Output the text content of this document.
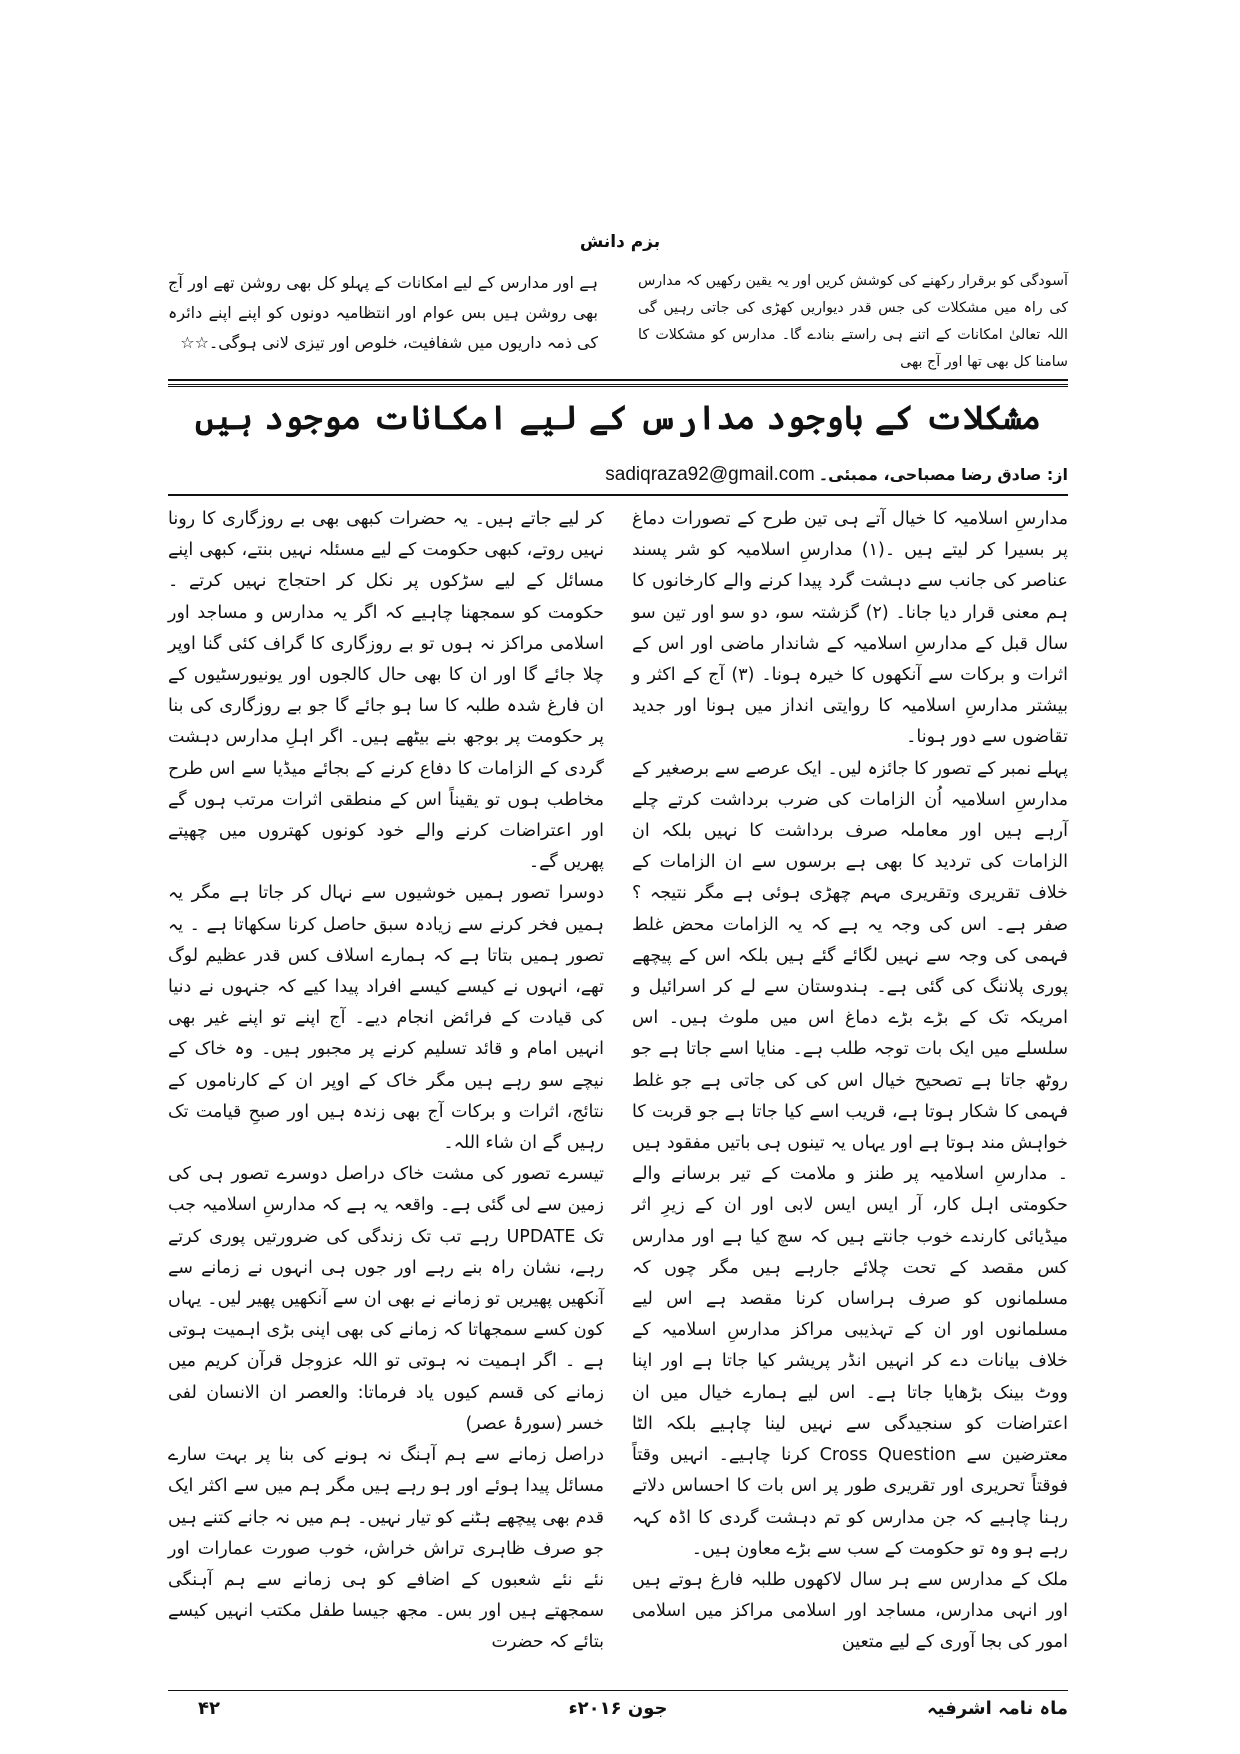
بزم دانش

آسودگی کو برقرار رکھنے کی کوشش کریں اور یہ یقین رکھیں کہ مدارس کی راہ میں مشکلات کی جس قدر دیواریں کھڑی کی جاتی رہیں گی اللہ تعالیٰ امکانات کے اتنے ہی راستے بنادے گا۔ مدارس کو مشکلات کا سامنا کل بھی تھا اور آج بھی

ہے اور مدارس کے لیے امکانات کے پہلو کل بھی روشن تھے اور آج بھی روشن ہیں بس عوام اور انتظامیہ دونوں کو اپنے اپنے دائرہ کی ذمہ داریوں میں شفافیت، خلوص اور تیزی لانی ہوگی۔☆☆

مشکلات کے باوجود مدارس کے لیے امکانات موجود ہیں
از: صادق رضا مصباحی، ممبئی۔sadiqraza92@gmail.com

مدارسِ اسلامیہ کا خیال آتے ہی تین طرح کے تصورات دماغ پر بسیرا کر لیتے ہیں ۔(۱) مدارسِ اسلامیہ کو شر پسند عناصر کی جانب سے دہشت گرد پیدا کرنے والے کارخانوں کا ہم معنی قرار دیا جانا۔ (۲) گزشتہ سو، دو سو اور تین سو سال قبل کے مدارسِ اسلامیہ کے شاندار ماضی اور اس کے اثرات و برکات سے آنکھوں کا خیرہ ہونا۔ (۳) آج کے اکثر و بیشتر مدارسِ اسلامیہ کا روایتی انداز میں ہونا اور جدید تقاضوں سے دور ہونا۔

پہلے نمبر کے تصور کا جائزہ لیں۔ ایک عرصے سے برصغیر کے مدارسِ اسلامیہ اُن الزامات کی ضرب برداشت کرتے چلے آرہے ہیں اور معاملہ صرف برداشت کا نہیں بلکہ ان الزامات کی تردید کا بھی ہے برسوں سے ان الزامات کے خلاف تقریری وتقریری مہم چھڑی ہوئی ہے مگر نتیجہ ؟ صفر ہے۔ اس کی وجہ یہ ہے کہ یہ الزامات محض غلط فہمی کی وجہ سے نہیں لگائے گئے ہیں بلکہ اس کے پیچھے پوری پلاننگ کی گئی ہے۔ ہندوستان سے لے کر اسرائیل و امریکہ تک کے بڑے بڑے دماغ اس میں ملوث ہیں۔ اس سلسلے میں ایک بات توجہ طلب ہے۔ منایا اسے جاتا ہے جو روٹھ جاتا ہے تصحیح خیال اس کی کی جاتی ہے جو غلط فہمی کا شکار ہوتا ہے، قریب اسے کیا جاتا ہے جو قربت کا خواہش مند ہوتا ہے اور یہاں یہ تینوں ہی باتیں مفقود ہیں ۔ مدارسِ اسلامیہ پر طنز و ملامت کے تیر برسانے والے حکومتی اہل کار، آر ایس ایس لابی اور ان کے زیرِ اثر میڈیائی کارندے خوب جانتے ہیں کہ سچ کیا ہے اور مدارس کس مقصد کے تحت چلائے جارہے ہیں مگر چوں کہ مسلمانوں کو صرف ہراساں کرنا مقصد ہے اس لیے مسلمانوں اور ان کے تہذیبی مراکز مدارسِ اسلامیہ کے خلاف بیانات دے کر انہیں انڈر پریشر کیا جاتا ہے اور اپنا ووٹ بینک بڑھایا جاتا ہے۔ اس لیے ہمارے خیال میں ان اعتراضات کو سنجیدگی سے نہیں لینا چاہیے بلکہ الٹا معترضین سے Cross Question کرنا چاہیے۔ انہیں وقتاً فوقتاً تحریری اور تقریری طور پر اس بات کا احساس دلاتے رہنا چاہیے کہ جن مدارس کو تم دہشت گردی کا اڈہ کہہ رہے ہو وہ تو حکومت کے سب سے بڑے معاون ہیں۔

ملک کے مدارس سے ہر سال لاکھوں طلبہ فارغ ہوتے ہیں اور انہی مدارس، مساجد اور اسلامی مراکز میں اسلامی امور کی بجا آوری کے لیے متعین

کر لیے جاتے ہیں۔ یہ حضرات کبھی بھی بے روزگاری کا رونا نہیں روتے، کبھی حکومت کے لیے مسئلہ نہیں بنتے، کبھی اپنے مسائل کے لیے سڑکوں پر نکل کر احتجاج نہیں کرتے ۔ حکومت کو سمجھنا چاہیے کہ اگر یہ مدارس و مساجد اور اسلامی مراکز نہ ہوں تو بے روزگاری کا گراف کئی گنا اوپر چلا جائے گا اور ان کا بھی حال کالجوں اور یونیورسٹیوں کے ان فارغ شدہ طلبہ کا سا ہو جائے گا جو بے روزگاری کی بنا پر حکومت پر بوجھ بنے بیٹھے ہیں۔ اگر اہلِ مدارس دہشت گردی کے الزامات کا دفاع کرنے کے بجائے میڈیا سے اس طرح مخاطب ہوں تو یقیناً اس کے منطقی اثرات مرتب ہوں گے اور اعتراضات کرنے والے خود کونوں کھتروں میں چھپتے پھریں گے۔

دوسرا تصور ہمیں خوشیوں سے نہال کر جاتا ہے مگر یہ ہمیں فخر کرنے سے زیادہ سبق حاصل کرنا سکھاتا ہے ۔ یہ تصور ہمیں بتاتا ہے کہ ہمارے اسلاف کس قدر عظیم لوگ تھے، انہوں نے کیسے کیسے افراد پیدا کیے کہ جنہوں نے دنیا کی قیادت کے فرائض انجام دیے۔ آج اپنے تو اپنے غیر بھی انہیں امام و قائد تسلیم کرنے پر مجبور ہیں۔ وہ خاک کے نیچے سو رہے ہیں مگر خاک کے اوپر ان کے کارناموں کے نتائج، اثرات و برکات آج بھی زندہ ہیں اور صبحِ قیامت تک رہیں گے ان شاء اللہ۔

تیسرے تصور کی مشت خاک دراصل دوسرے تصور ہی کی زمین سے لی گئی ہے۔ واقعہ یہ ہے کہ مدارسِ اسلامیہ جب تک UPDATE رہے تب تک زندگی کی ضرورتیں پوری کرتے رہے، نشان راہ بنے رہے اور جوں ہی انہوں نے زمانے سے آنکھیں پھیریں تو زمانے نے بھی ان سے آنکھیں پھیر لیں۔ یہاں کون کسے سمجھاتا کہ زمانے کی بھی اپنی بڑی اہمیت ہوتی ہے ۔ اگر اہمیت نہ ہوتی تو اللہ عزوجل قرآن کریم میں زمانے کی قسم کیوں یاد فرماتا: والعصر ان الانسان لفی خسر (سورۂ عصر)

دراصل زمانے سے ہم آہنگ نہ ہونے کی بنا پر بہت سارے مسائل پیدا ہوئے اور ہو رہے ہیں مگر ہم میں سے اکثر ایک قدم بھی پیچھے ہٹنے کو تیار نہیں۔ ہم میں نہ جانے کتنے ہیں جو صرف ظاہری تراش خراش، خوب صورت عمارات اور نئے نئے شعبوں کے اضافے کو ہی زمانے سے ہم آہنگی سمجھتے ہیں اور بس۔ مجھ جیسا طفل مکتب انہیں کیسے بتائے کہ حضرت

ماہ نامہ اشرفیہ
جون ۲۰۱۶ء
۴۲
